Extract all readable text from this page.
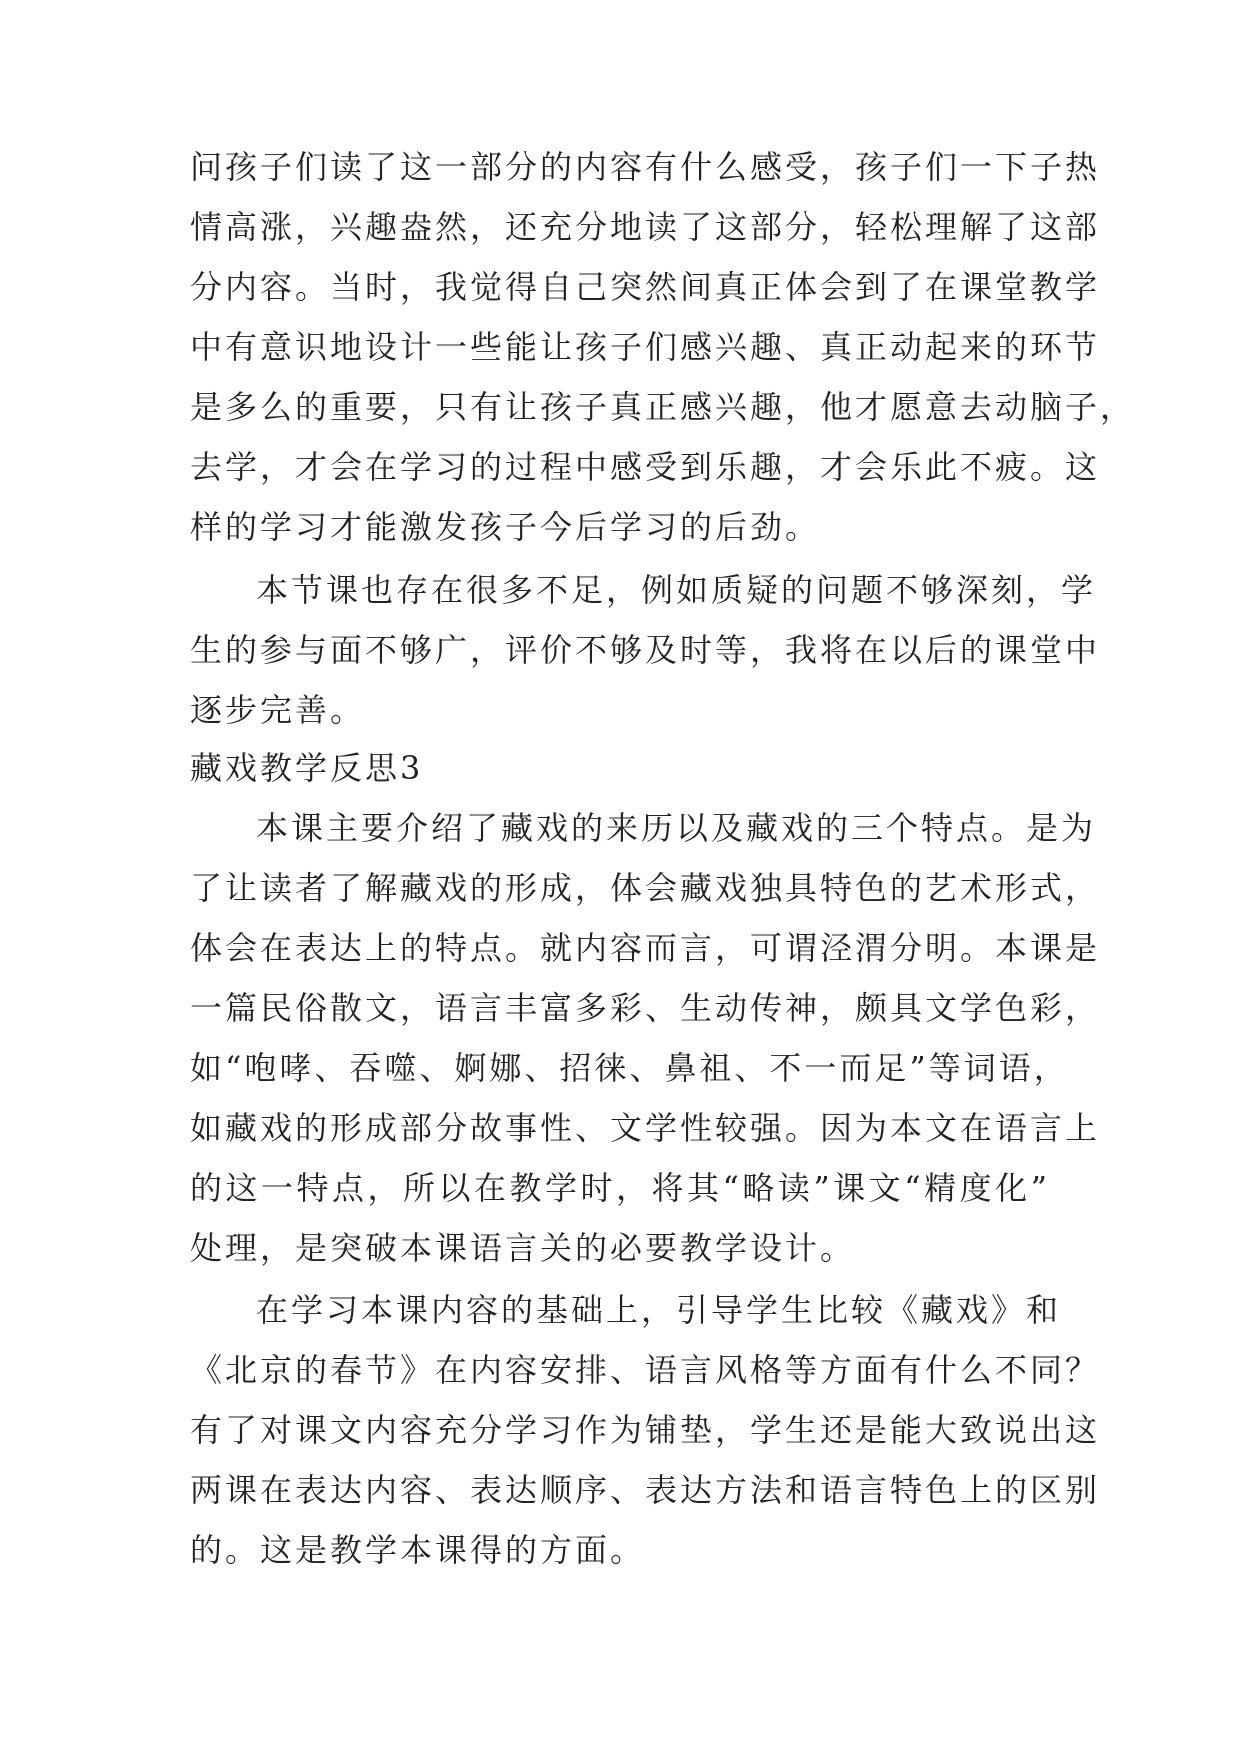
问孩子们读了这一部分的内容有什么感受，孩子们一下子热
情高涨，兴趣盎然，还充分地读了这部分，轻松理解了这部
分内容。当时，我觉得自己突然间真正体会到了在课堂教学
中有意识地设计一些能让孩子们感兴趣、真正动起来的环节
是多么的重要，只有让孩子真正感兴趣，他才愿意去动脑子，
去学，才会在学习的过程中感受到乐趣，才会乐此不疲。这
样的学习才能激发孩子今后学习的后劲。
本节课也存在很多不足，例如质疑的问题不够深刻，学
生的参与面不够广，评价不够及时等，我将在以后的课堂中
逐步完善。
藏戏教学反思3
本课主要介绍了藏戏的来历以及藏戏的三个特点。是为
了让读者了解藏戏的形成，体会藏戏独具特色的艺术形式，
体会在表达上的特点。就内容而言，可谓泾渭分明。本课是
一篇民俗散文，语言丰富多彩、生动传神，颇具文学色彩，
如“咆哮、吞噬、婀娜、招徕、鼻祖、不一而足”等词语，
如藏戏的形成部分故事性、文学性较强。因为本文在语言上
的这一特点，所以在教学时，将其“略读”课文“精度化”
处理，是突破本课语言关的必要教学设计。
在学习本课内容的基础上，引导学生比较《藏戏》和
《北京的春节》在内容安排、语言风格等方面有什么不同？
有了对课文内容充分学习作为铺垫，学生还是能大致说出这
两课在表达内容、表达顺序、表达方法和语言特色上的区别
的。这是教学本课得的方面。
